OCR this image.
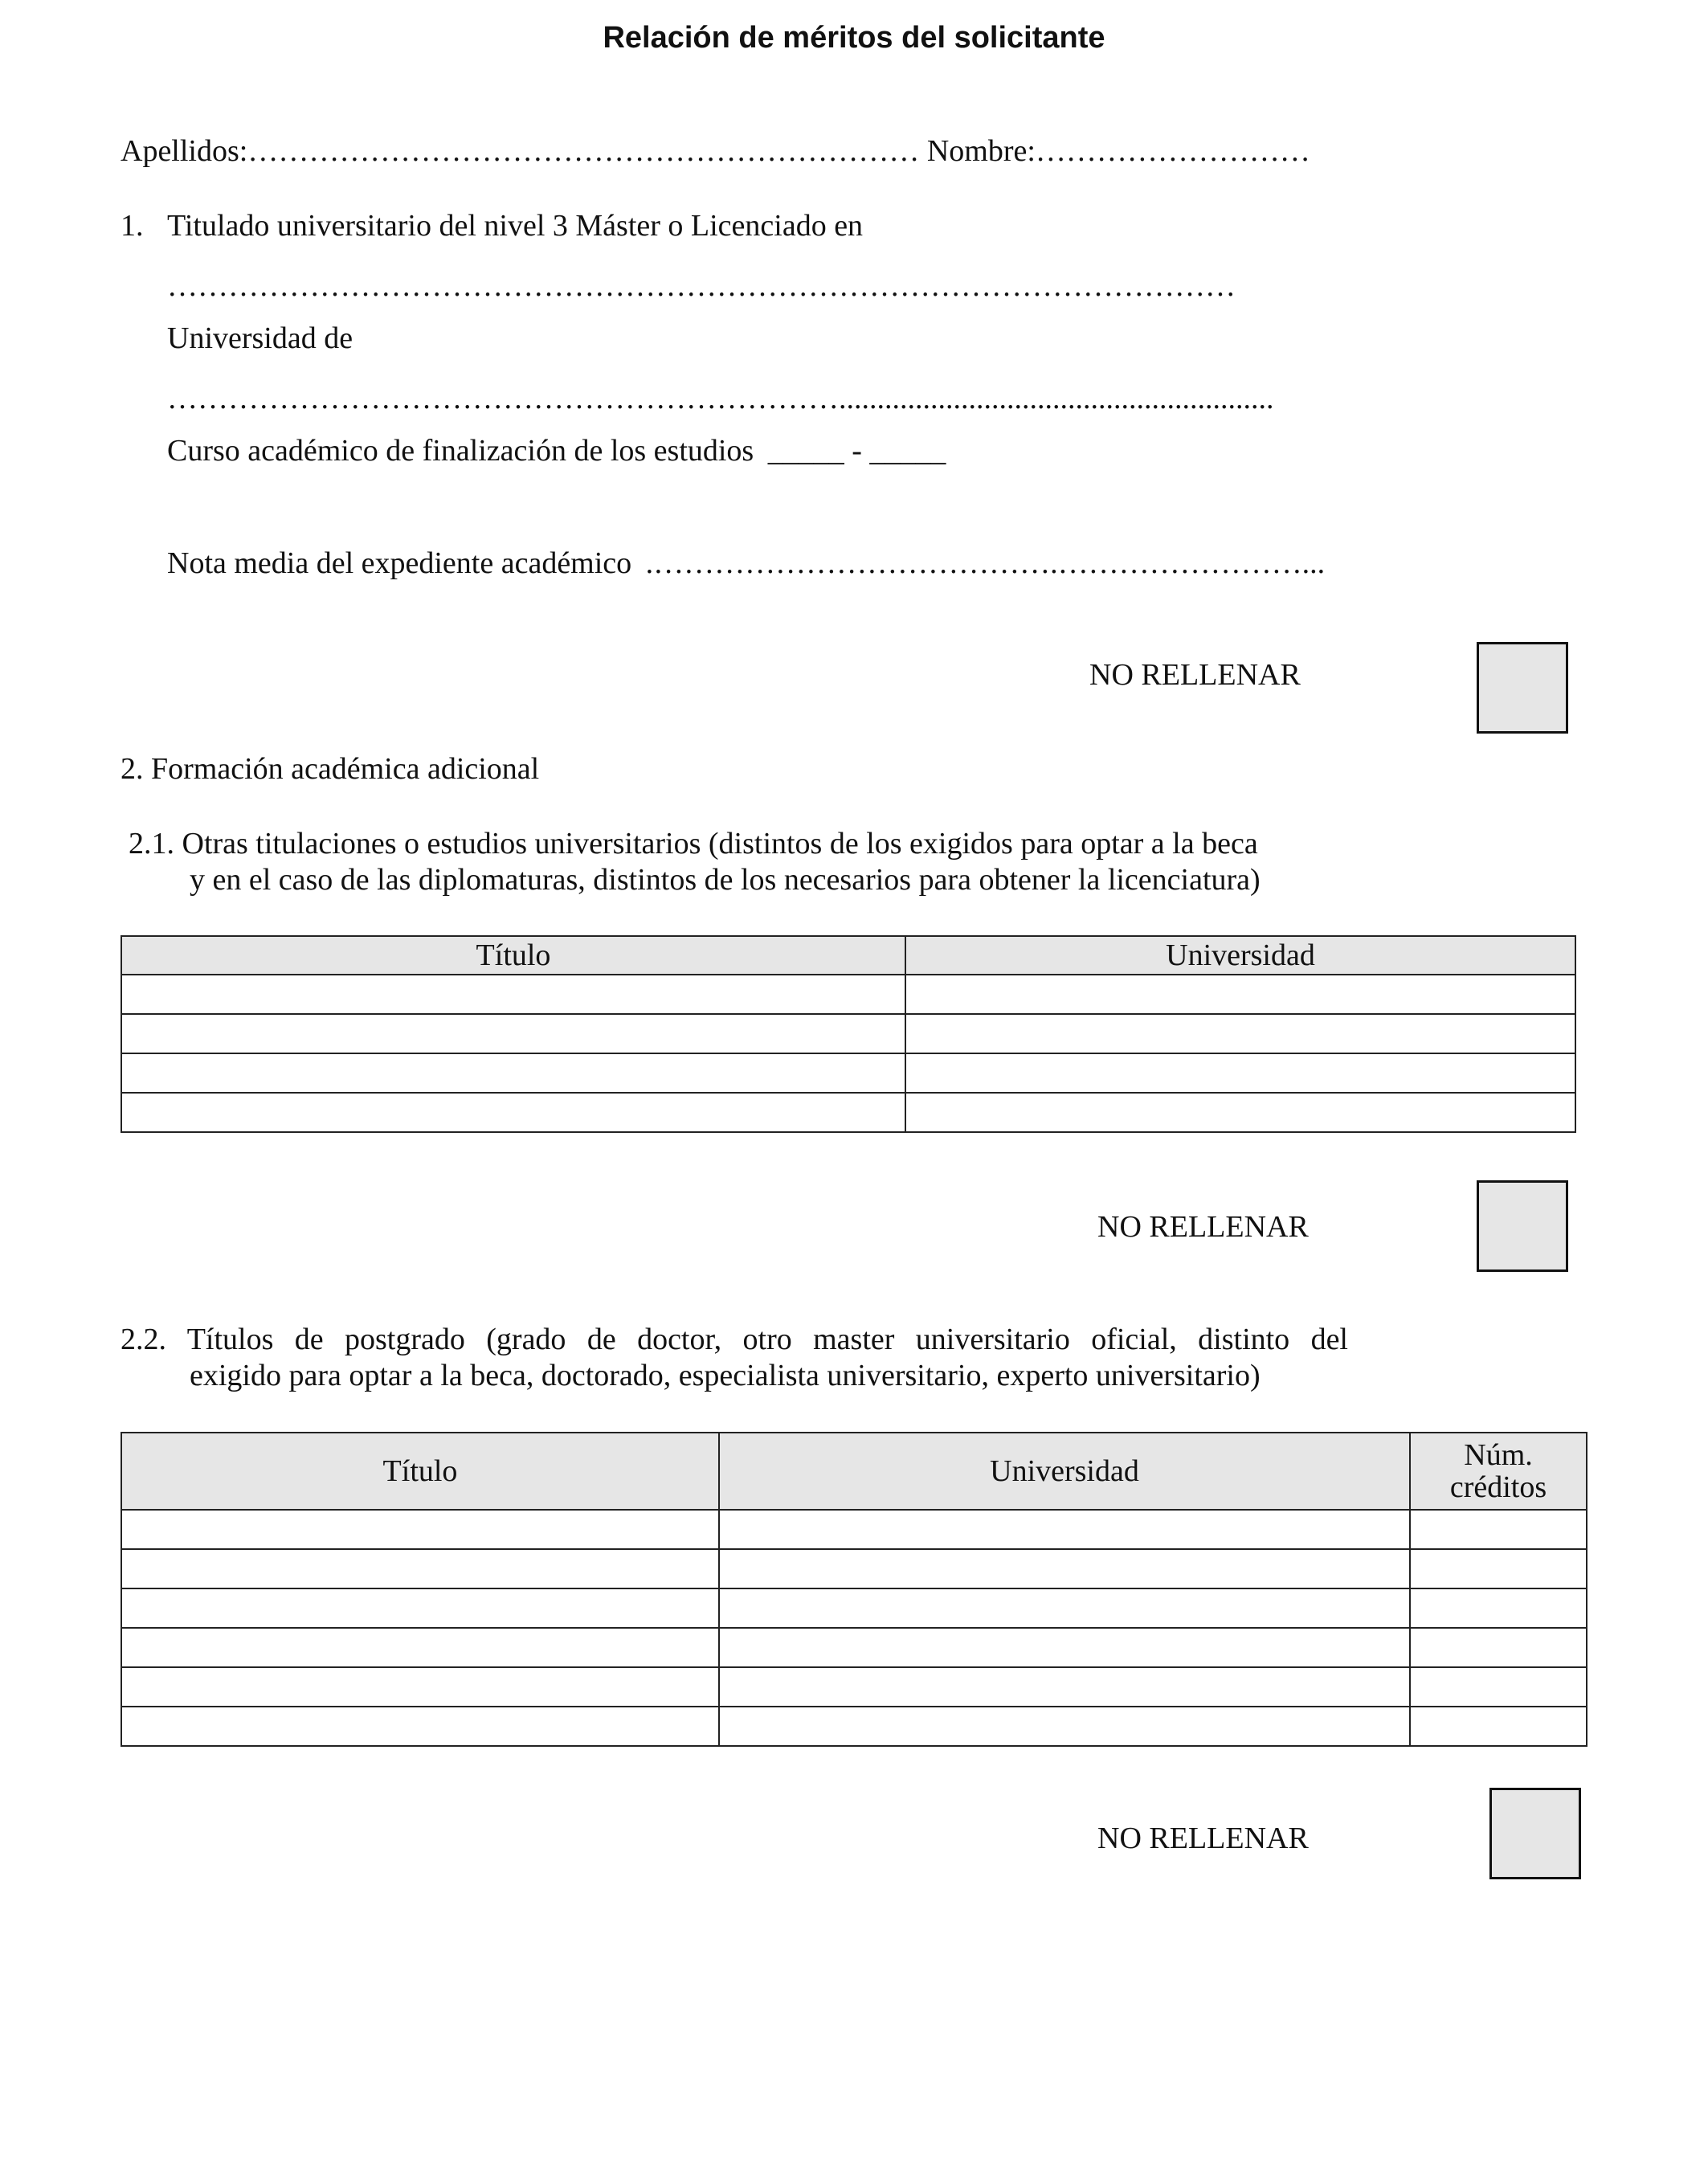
Relación de méritos del solicitante
Apellidos:………………………………………………………… Nombre:………………………
1. Titulado universitario del nivel 3 Máster o Licenciado en
……………………………………………………………………………………………
Universidad de
………………………………………………………….........................................................
Curso académico de finalización de los estudios _____ - _____
Nota media del expediente académico .………………………………….……………………...
NO RELLENAR
2. Formación académica adicional
2.1. Otras titulaciones o estudios universitarios (distintos de los exigidos para optar a la beca
y en el caso de las diplomaturas, distintos de los necesarios para obtener la licenciatura)
Título	Universidad

NO RELLENAR
2.2. Títulos de postgrado (grado de doctor, otro master universitario oficial, distinto del
exigido para optar a la beca, doctorado, especialista universitario, experto universitario)
Título	Universidad	Núm.
créditos

NO RELLENAR
